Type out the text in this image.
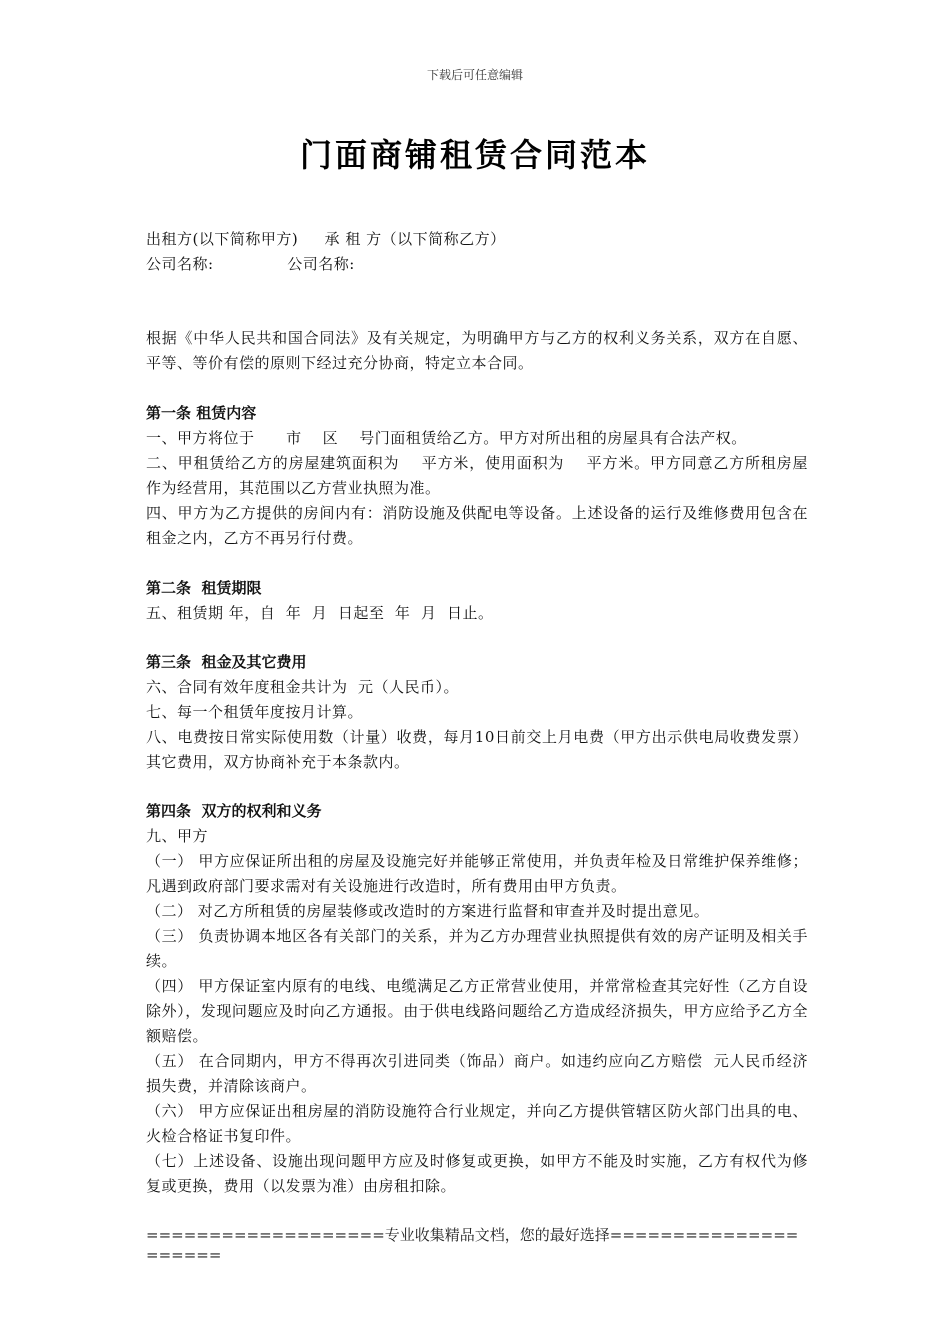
下载后可任意编辑
门面商铺租赁合同范本
出租方(以下简称甲方)     承 租 方（以下简称乙方）
公司名称:              公司名称:
根据《中华人民共和国合同法》及有关规定，为明确甲方与乙方的权利义务关系，双方在自愿、平等、等价有偿的原则下经过充分协商，特定立本合同。
第一条 租赁内容
一、甲方将位于      市    区    号门面租赁给乙方。甲方对所出租的房屋具有合法产权。
二、甲租赁给乙方的房屋建筑面积为    平方米，使用面积为    平方米。甲方同意乙方所租房屋作为经营用，其范围以乙方营业执照为准。
四、甲方为乙方提供的房间内有：消防设施及供配电等设备。上述设备的运行及维修费用包含在租金之内，乙方不再另行付费。
第二条  租赁期限
五、租赁期 年，自  年  月  日起至  年  月  日止。
第三条  租金及其它费用
六、合同有效年度租金共计为  元（人民币）。
七、每一个租赁年度按月计算。
八、电费按日常实际使用数（计量）收费，每月10日前交上月电费（甲方出示供电局收费发票）其它费用，双方协商补充于本条款内。
第四条  双方的权利和义务
九、甲方
（一） 甲方应保证所出租的房屋及设施完好并能够正常使用，并负责年检及日常维护保养维修；凡遇到政府部门要求需对有关设施进行改造时，所有费用由甲方负责。
（二） 对乙方所租赁的房屋装修或改造时的方案进行监督和审查并及时提出意见。
（三） 负责协调本地区各有关部门的关系，并为乙方办理营业执照提供有效的房产证明及相关手续。
（四） 甲方保证室内原有的电线、电缆满足乙方正常营业使用，并常常检查其完好性（乙方自设除外），发现问题应及时向乙方通报。由于供电线路问题给乙方造成经济损失，甲方应给予乙方全额赔偿。
（五） 在合同期内，甲方不得再次引进同类（饰品）商户。如违约应向乙方赔偿  元人民币经济损失费，并清除该商户。
（六） 甲方应保证出租房屋的消防设施符合行业规定，并向乙方提供管辖区防火部门出具的电、火检合格证书复印件。
（七）上述设备、设施出现问题甲方应及时修复或更换，如甲方不能及时实施，乙方有权代为修复或更换，费用（以发票为准）由房租扣除。
===================专业收集精品文档，您的最好选择=====================
